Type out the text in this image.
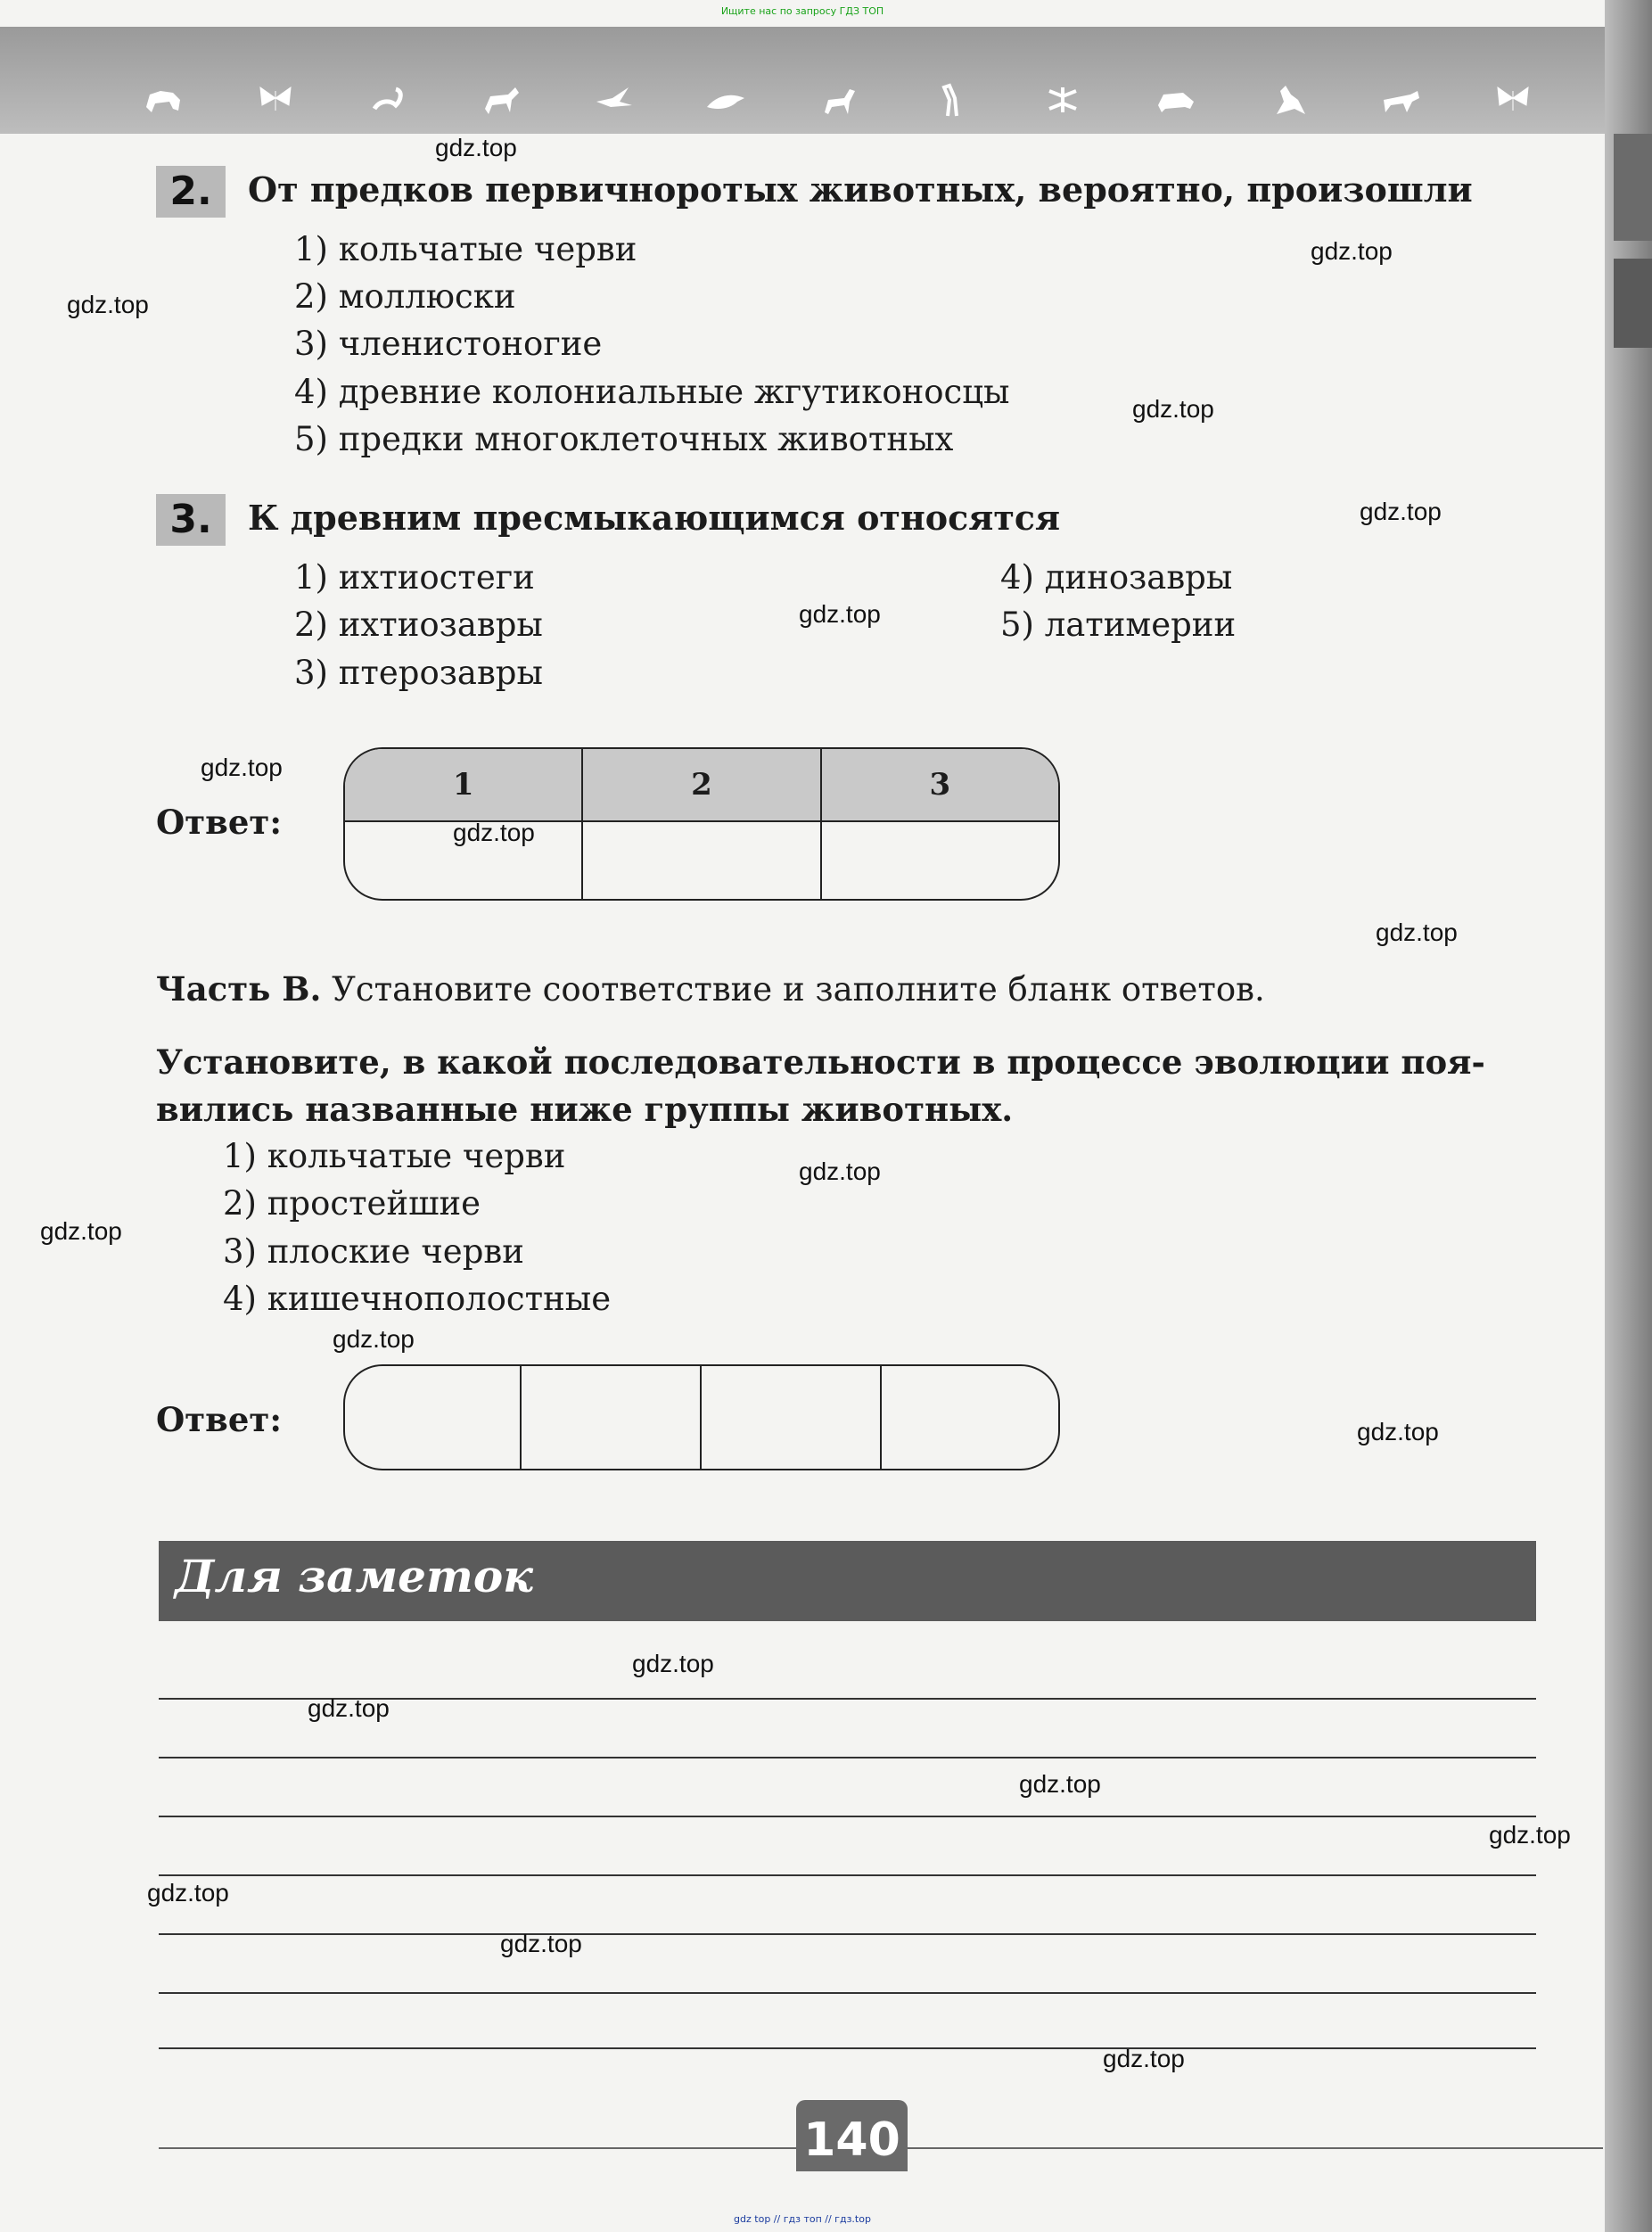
Ищите нас по запросу ГДЗ ТОП
2.	От предков первичноротых животных, вероятно, произошли
1) кольчатые черви
2) моллюски
3) членистоногие
4) древние колониальные жгутиконосцы
5) предки многоклеточных животных
3.	К древним пресмыкающимся относятся
1) ихтиостеги
2) ихтиозавры
3) птерозавры
4) динозавры
5) латимерии
Ответ:
1	2	3
Часть В. Установите соответствие и заполните бланк ответов.
Установите, в какой последовательности в процессе эволюции поя-
вились названные ниже группы животных.
1) кольчатые черви
2) простейшие
3) плоские черви
4) кишечнополостные
Ответ:
Для заметок
140
gdz top // гдз топ // гдз.top
gdz.top
gdz.top
gdz.top
gdz.top
gdz.top
gdz.top
gdz.top
gdz.top
gdz.top
gdz.top
gdz.top
gdz.top
gdz.top
gdz.top
gdz.top
gdz.top
gdz.top
gdz.top
gdz.top
gdz.top
